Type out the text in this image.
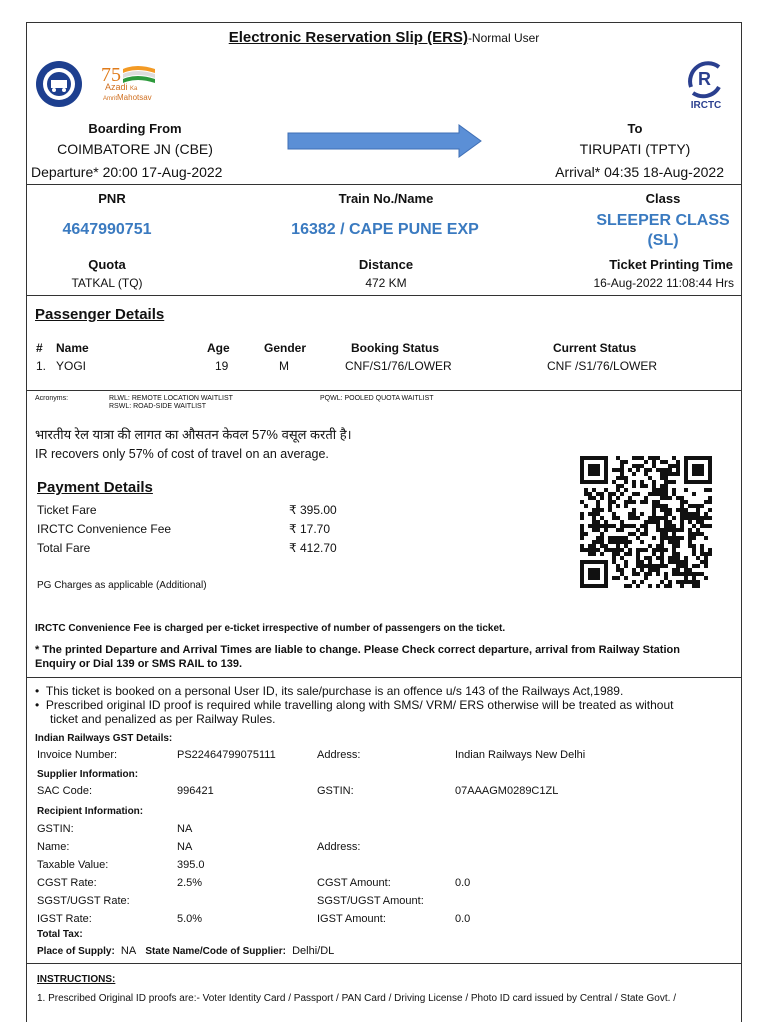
Electronic Reservation Slip (ERS)-Normal User
75
Azadi Ka
AmritMahotsav
R
IRCTC
Boarding From
COIMBATORE JN (CBE)
Departure* 20:00 17-Aug-2022
To
TIRUPATI (TPTY)
Arrival* 04:35 18-Aug-2022
PNR	Train No./Name	Class
4647990751	16382 / CAPE PUNE EXP
SLEEPER CLASS
(SL)
Quota	Distance	Ticket Printing Time
TATKAL (TQ)	472 KM	16-Aug-2022 11:08:44 Hrs
Passenger Details
# Name	Age	Gender	Booking Status	Current Status
1. YOGI	19	M	CNF/S1/76/LOWER	CNF /S1/76/LOWER
Acronyms:	RLWL: REMOTE LOCATION WAITLIST
RSWL: ROAD-SIDE WAITLIST
PQWL: POOLED QUOTA WAITLIST
भारतीय रेल यात्रा की लागत का औसतन केवल 57% वसूल करती है।
IR recovers only 57% of cost of travel on an average.
Payment Details
Ticket Fare	₹ 395.00
IRCTC Convenience Fee	₹ 17.70
Total Fare	₹ 412.70
PG Charges as applicable (Additional)
IRCTC Convenience Fee is charged per e-ticket irrespective of number of passengers on the ticket.
* The printed Departure and Arrival Times are liable to change. Please Check correct departure, arrival from Railway Station
Enquiry or Dial 139 or SMS RAIL to 139.
•  This ticket is booked on a personal User ID, its sale/purchase is an offence u/s 143 of the Railways Act,1989.
•  Prescribed original ID proof is required while travelling along with SMS/ VRM/ ERS otherwise will be treated as without
ticket and penalized as per Railway Rules.
Indian Railways GST Details:
Invoice Number:	PS22464799075111	Address:	Indian Railways New Delhi
Supplier Information:
SAC Code:	996421	GSTIN:	07AAAGM0289C1ZL
Recipient Information:
GSTIN:	NA
Name:	NA	Address:
Taxable Value:	395.0
CGST Rate:	2.5%	CGST Amount:	0.0
SGST/UGST Rate:	SGST/UGST Amount:
IGST Rate:	5.0%	IGST Amount:	0.0
Total Tax:
Place of Supply: NA State Name/Code of Supplier: Delhi/DL
INSTRUCTIONS:
1. Prescribed Original ID proofs are:- Voter Identity Card / Passport / PAN Card / Driving License / Photo ID card issued by Central / State Govt. /
